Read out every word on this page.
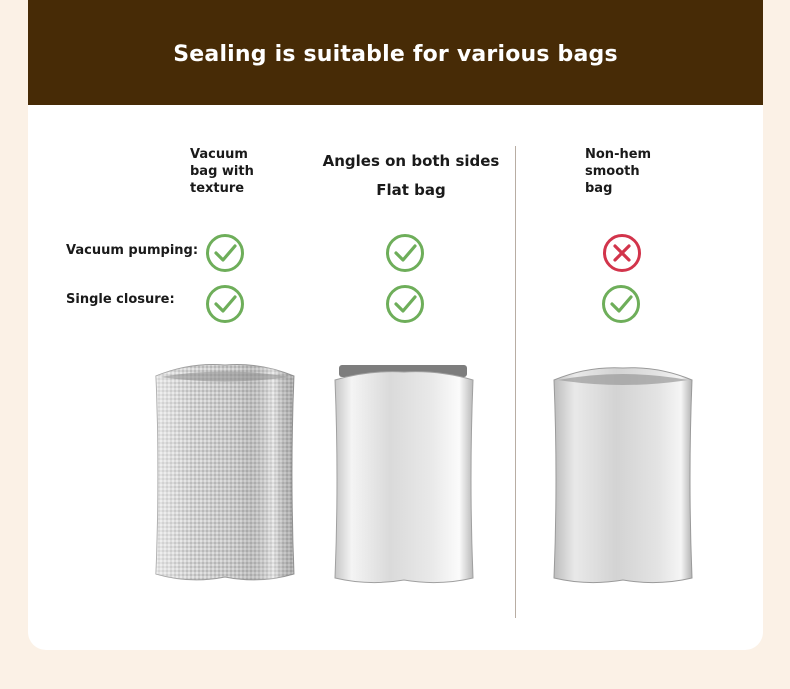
Sealing is suitable for various bags
Vacuum
bag with
texture
Angles on both sides
Flat bag
Non-hem
smooth
bag
Vacuum pumping:
Single closure:
